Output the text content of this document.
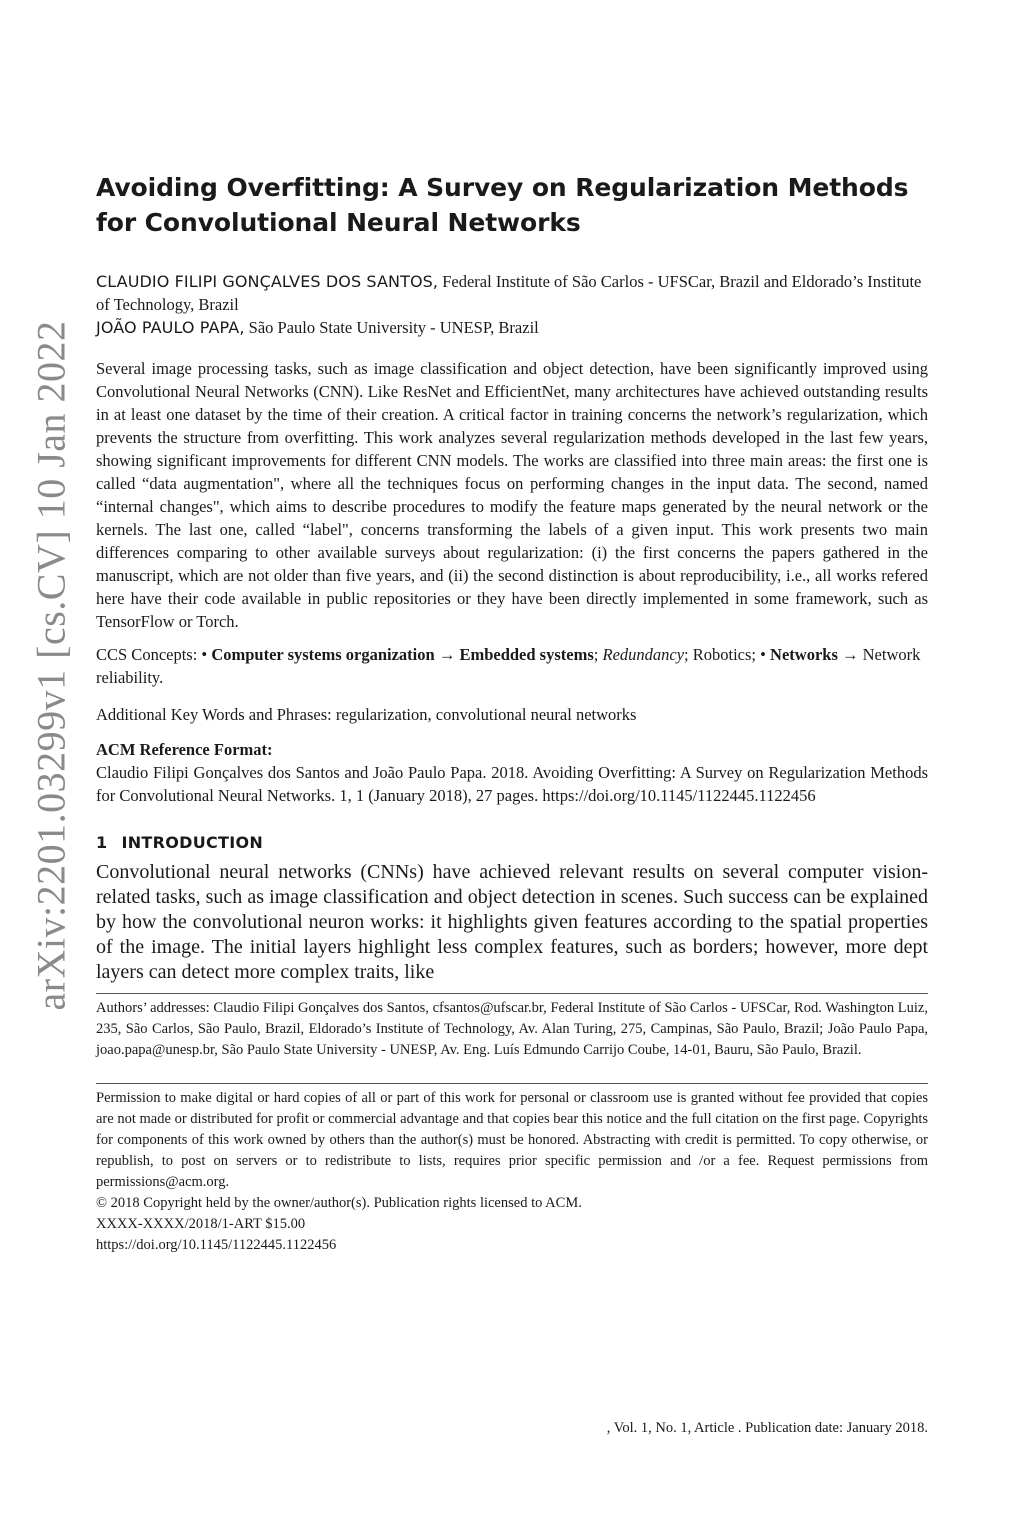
arXiv:2201.03299v1 [cs.CV] 10 Jan 2022
Avoiding Overfitting: A Survey on Regularization Methods for Convolutional Neural Networks
CLAUDIO FILIPI GONÇALVES DOS SANTOS, Federal Institute of São Carlos - UFSCar, Brazil and Eldorado’s Institute of Technology, Brazil
JOÃO PAULO PAPA, São Paulo State University - UNESP, Brazil

Several image processing tasks, such as image classification and object detection, have been significantly improved using Convolutional Neural Networks (CNN). Like ResNet and EfficientNet, many architectures have achieved outstanding results in at least one dataset by the time of their creation. A critical factor in training concerns the network’s regularization, which prevents the structure from overfitting. This work analyzes several regularization methods developed in the last few years, showing significant improvements for different CNN models. The works are classified into three main areas: the first one is called “data augmentation", where all the techniques focus on performing changes in the input data. The second, named “internal changes", which aims to describe procedures to modify the feature maps generated by the neural network or the kernels. The last one, called “label", concerns transforming the labels of a given input. This work presents two main differences comparing to other available surveys about regularization: (i) the first concerns the papers gathered in the manuscript, which are not older than five years, and (ii) the second distinction is about reproducibility, i.e., all works refered here have their code available in public repositories or they have been directly implemented in some framework, such as TensorFlow or Torch.

CCS Concepts: • Computer systems organization → Embedded systems; Redundancy; Robotics; • Networks → Network reliability.
Additional Key Words and Phrases: regularization, convolutional neural networks
ACM Reference Format:
Claudio Filipi Gonçalves dos Santos and João Paulo Papa. 2018. Avoiding Overfitting: A Survey on Regularization Methods for Convolutional Neural Networks. 1, 1 (January 2018), 27 pages. https://doi.org/10.1145/1122445.1122456
1 INTRODUCTION

Convolutional neural networks (CNNs) have achieved relevant results on several computer vision-related tasks, such as image classification and object detection in scenes. Such success can be explained by how the convolutional neuron works: it highlights given features according to the spatial properties of the image. The initial layers highlight less complex features, such as borders; however, more dept layers can detect more complex traits, like

Authors’ addresses: Claudio Filipi Gonçalves dos Santos, cfsantos@ufscar.br, Federal Institute of São Carlos - UFSCar, Rod. Washington Luiz, 235, São Carlos, São Paulo, Brazil, Eldorado’s Institute of Technology, Av. Alan Turing, 275, Campinas, São Paulo, Brazil; João Paulo Papa, joao.papa@unesp.br, São Paulo State University - UNESP, Av. Eng. Luís Edmundo Carrijo Coube, 14-01, Bauru, São Paulo, Brazil.

Permission to make digital or hard copies of all or part of this work for personal or classroom use is granted without fee provided that copies are not made or distributed for profit or commercial advantage and that copies bear this notice and the full citation on the first page. Copyrights for components of this work owned by others than the author(s) must be honored. Abstracting with credit is permitted. To copy otherwise, or republish, to post on servers or to redistribute to lists, requires prior specific permission and /or a fee. Request permissions from permissions@acm.org.

© 2018 Copyright held by the owner/author(s). Publication rights licensed to ACM.
XXXX-XXXX/2018/1-ART $15.00
https://doi.org/10.1145/1122445.1122456
, Vol. 1, No. 1, Article . Publication date: January 2018.
